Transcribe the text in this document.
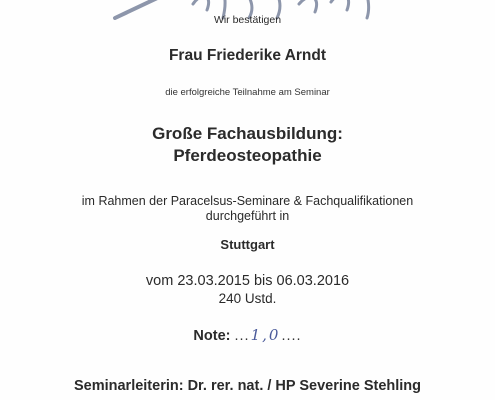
Wir bestätigen
Frau Friederike Arndt
die erfolgreiche Teilnahme am Seminar
Große Fachausbildung:
Pferdeosteopathie
im Rahmen der Paracelsus-Seminare & Fachqualifikationen
durchgeführt in
Stuttgart
vom 23.03.2015 bis 06.03.2016
240 Ustd.
Note: ...1,0....
Seminarleiterin: Dr. rer. nat. / HP Severine Stehling
